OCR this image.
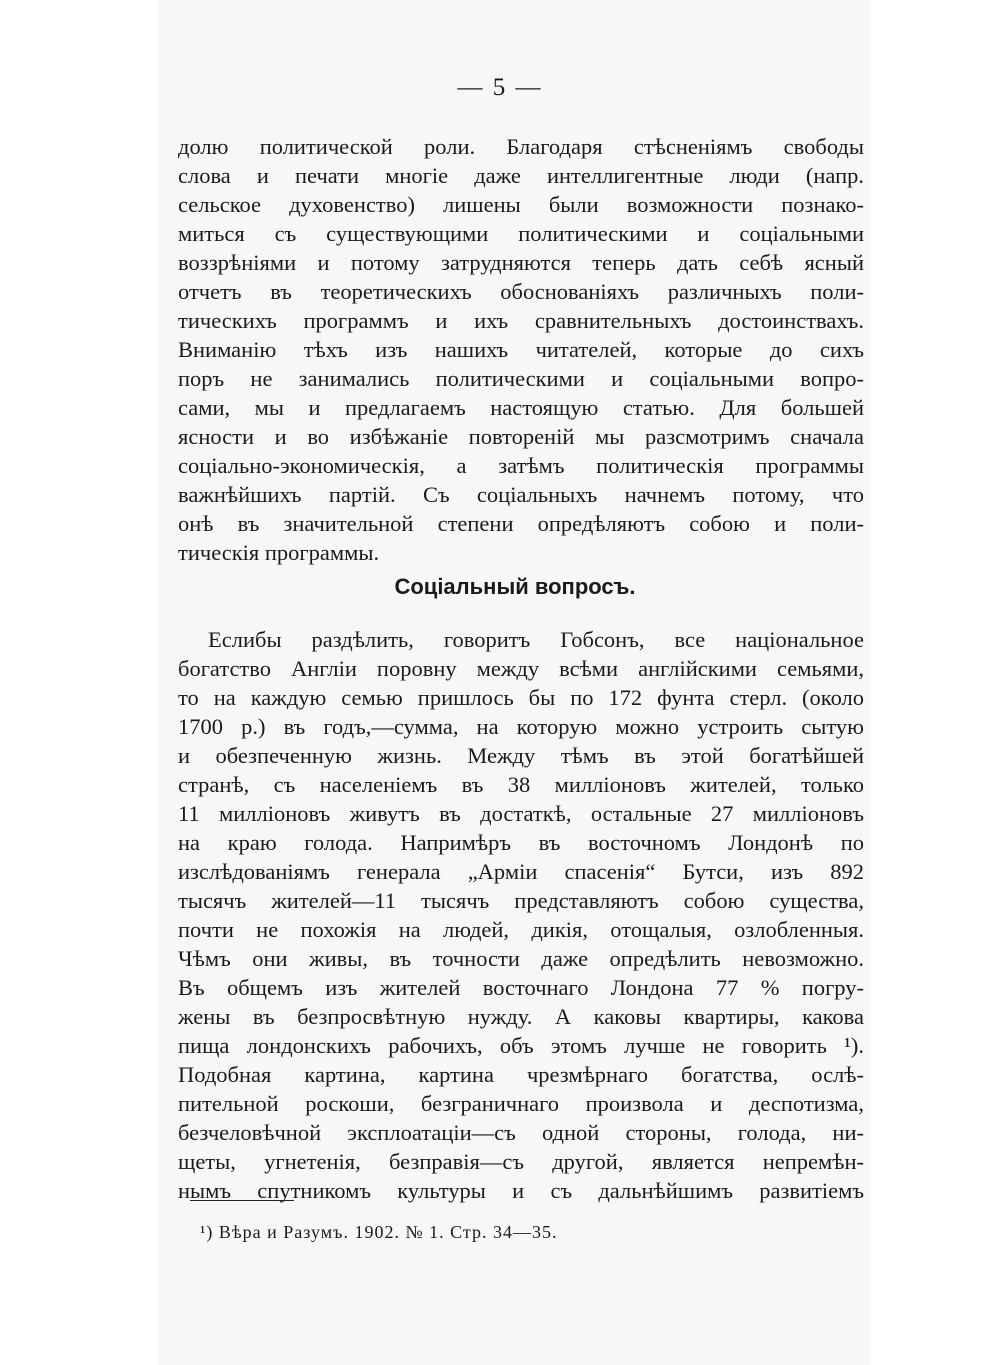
— 5 —
долю политической роли. Благодаря стѣсненіямъ свободы
слова и печати многіе даже интеллигентные люди (напр.
сельское духовенство) лишены были возможности познако-
миться съ существующими политическими и соціальными
воззрѣніями и потому затрудняются теперь дать себѣ ясный
отчетъ въ теоретическихъ обоснованіяхъ различныхъ поли-
тическихъ программъ и ихъ сравнительныхъ достоинствахъ.
Вниманію тѣхъ изъ нашихъ читателей, которые до сихъ
поръ не занимались политическими и соціальными вопро-
сами, мы и предлагаемъ настоящую статью. Для большей
ясности и во избѣжаніе повтореній мы разсмотримъ сначала
соціально-экономическія, а затѣмъ политическія программы
важнѣйшихъ партій. Съ соціальныхъ начнемъ потому, что
онѣ въ значительной степени опредѣляютъ собою и поли-
тическія программы.
Соціальный вопросъ.
Еслибы раздѣлить, говоритъ Гобсонъ, все національное
богатство Англіи поровну между всѣми англійскими семьями,
то на каждую семью пришлось бы по 172 фунта стерл. (около
1700 р.) въ годъ,—сумма, на которую можно устроить сытую
и обезпеченную жизнь. Между тѣмъ въ этой богатѣйшей
странѣ, съ населеніемъ въ 38 милліоновъ жителей, только
11 милліоновъ живутъ въ достаткѣ, остальные 27 милліоновъ
на краю голода. Напримѣръ въ восточномъ Лондонѣ по
изслѣдованіямъ генерала „Арміи спасенія“ Бутси, изъ 892
тысячъ жителей—11 тысячъ представляютъ собою существа,
почти не похожія на людей, дикія, отощалыя, озлобленныя.
Чѣмъ они живы, въ точности даже опредѣлить невозможно.
Въ общемъ изъ жителей восточнаго Лондона 77 % погру-
жены въ безпросвѣтную нужду. А каковы квартиры, какова
пища лондонскихъ рабочихъ, объ этомъ лучше не говорить ¹).
Подобная картина, картина чрезмѣрнаго богатства, ослѣ-
пительной роскоши, безграничнаго произвола и деспотизма,
безчеловѣчной эксплоатаціи—съ одной стороны, голода, ни-
щеты, угнетенія, безправія—съ другой, является непремѣн-
нымъ спутникомъ культуры и съ дальнѣйшимъ развитіемъ
¹) Вѣра и Разумъ. 1902. № 1. Стр. 34—35.
